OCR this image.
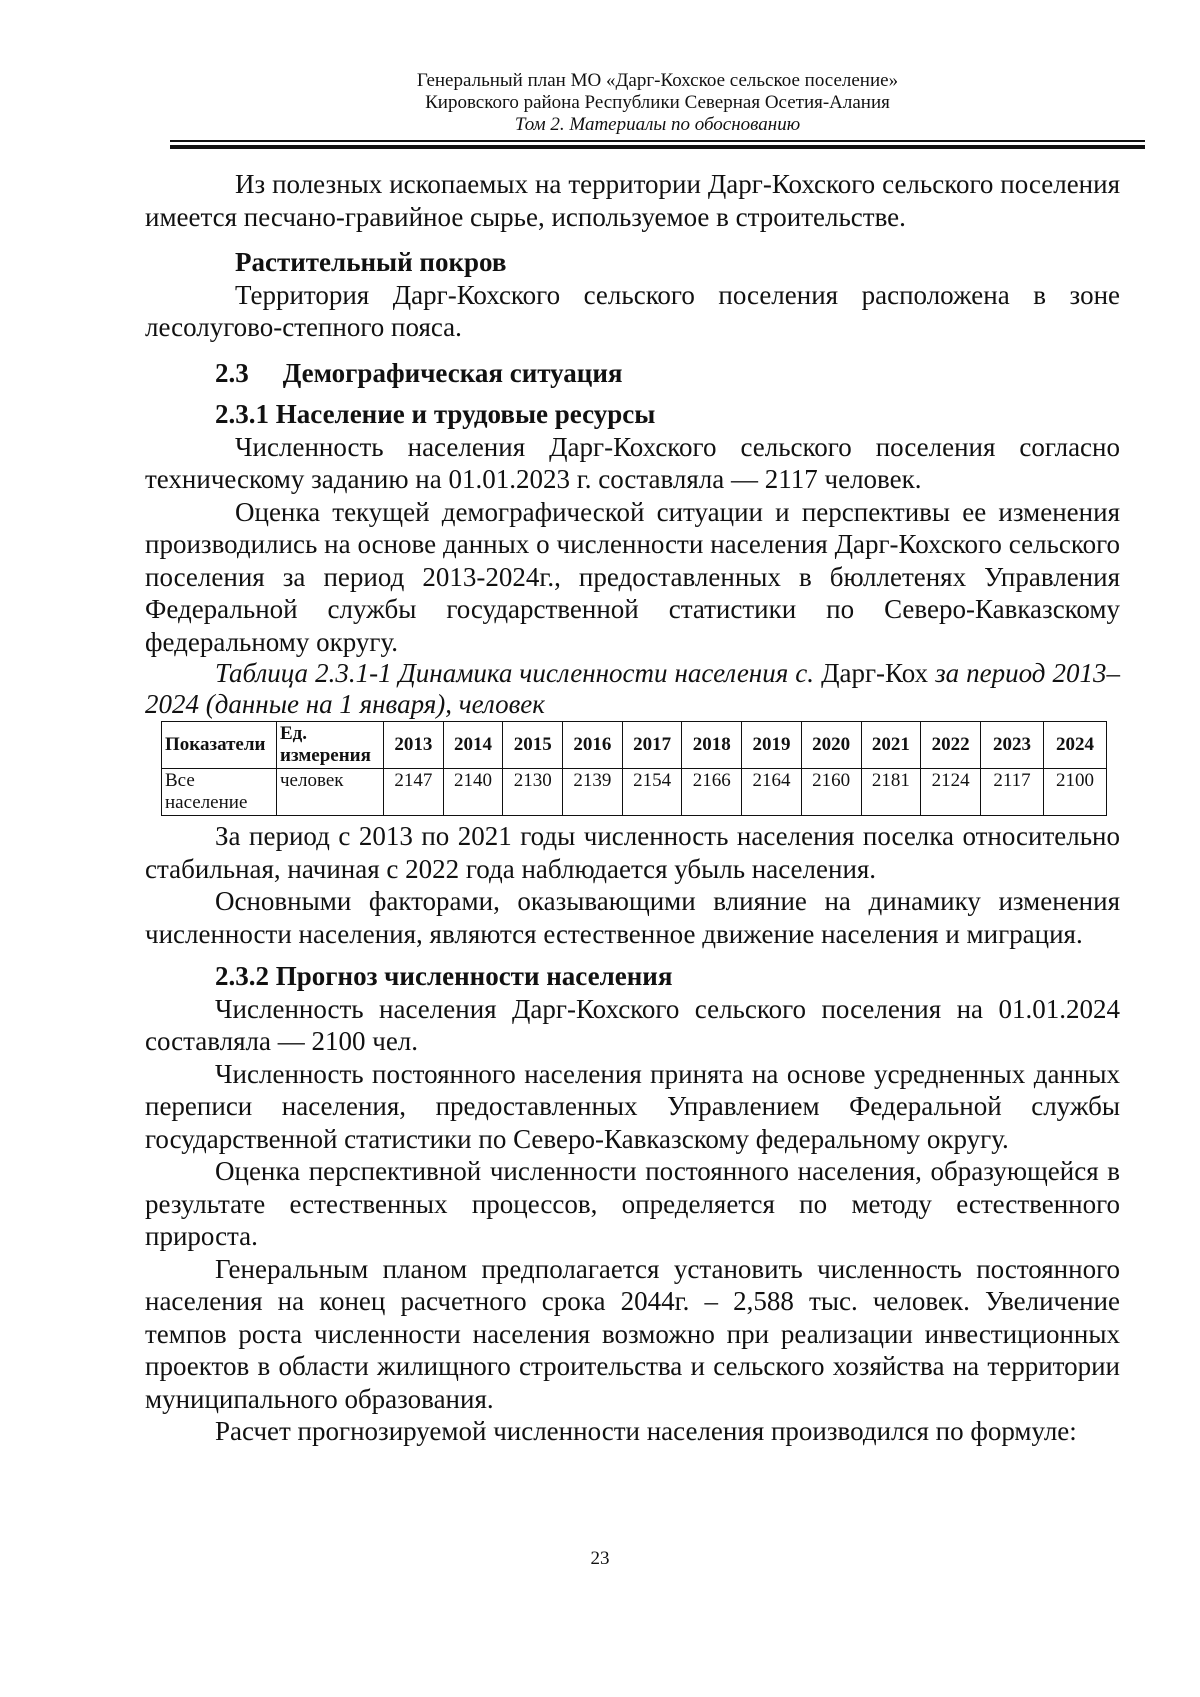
Генеральный план МО «Дарг-Кохское сельское поселение»
Кировского района Республики Северная Осетия-Алания
Том 2. Материалы по обоснованию

Из полезных ископаемых на территории Дарг-Кохского сельского поселения имеется песчано-гравийное сырье, используемое в строительстве.

Растительный покров

Территория Дарг-Кохского сельского поселения расположена в зоне лесолугово-степного пояса.

2.3 Демографическая ситуация

2.3.1 Население и трудовые ресурсы

Численность населения Дарг-Кохского сельского поселения согласно техническому заданию на 01.01.2023 г. составляла — 2117 человек.

Оценка текущей демографической ситуации и перспективы ее изменения производились на основе данных о численности населения Дарг-Кохского сельского поселения за период 2013-2024г., предоставленных в бюллетенях Управления Федеральной службы государственной статистики по Северо-Кавказскому федеральному округу.

Таблица 2.3.1-1 Динамика численности населения с. Дарг-Кох за период 2013–2024 (данные на 1 января), человек

Показатели	Ед. измерения	2013	2014	2015	2016	2017	2018	2019	2020	2021	2022	2023	2024
Все население	человек	2147	2140	2130	2139	2154	2166	2164	2160	2181	2124	2117	2100

За период с 2013 по 2021 годы численность населения поселка относительно стабильная, начиная с 2022 года наблюдается убыль населения.

Основными факторами, оказывающими влияние на динамику изменения численности населения, являются естественное движение населения и миграция.

2.3.2 Прогноз численности населения

Численность населения Дарг-Кохского сельского поселения на 01.01.2024 составляла — 2100 чел.

Численность постоянного населения принята на основе усредненных данных переписи населения, предоставленных Управлением Федеральной службы государственной статистики по Северо-Кавказскому федеральному округу.

Оценка перспективной численности постоянного населения, образующейся в результате естественных процессов, определяется по методу естественного прироста.

Генеральным планом предполагается установить численность постоянного населения на конец расчетного срока 2044г. – 2,588 тыс. человек. Увеличение темпов роста численности населения возможно при реализации инвестиционных проектов в области жилищного строительства и сельского хозяйства на территории муниципального образования.

Расчет прогнозируемой численности населения производился по формуле:

23
